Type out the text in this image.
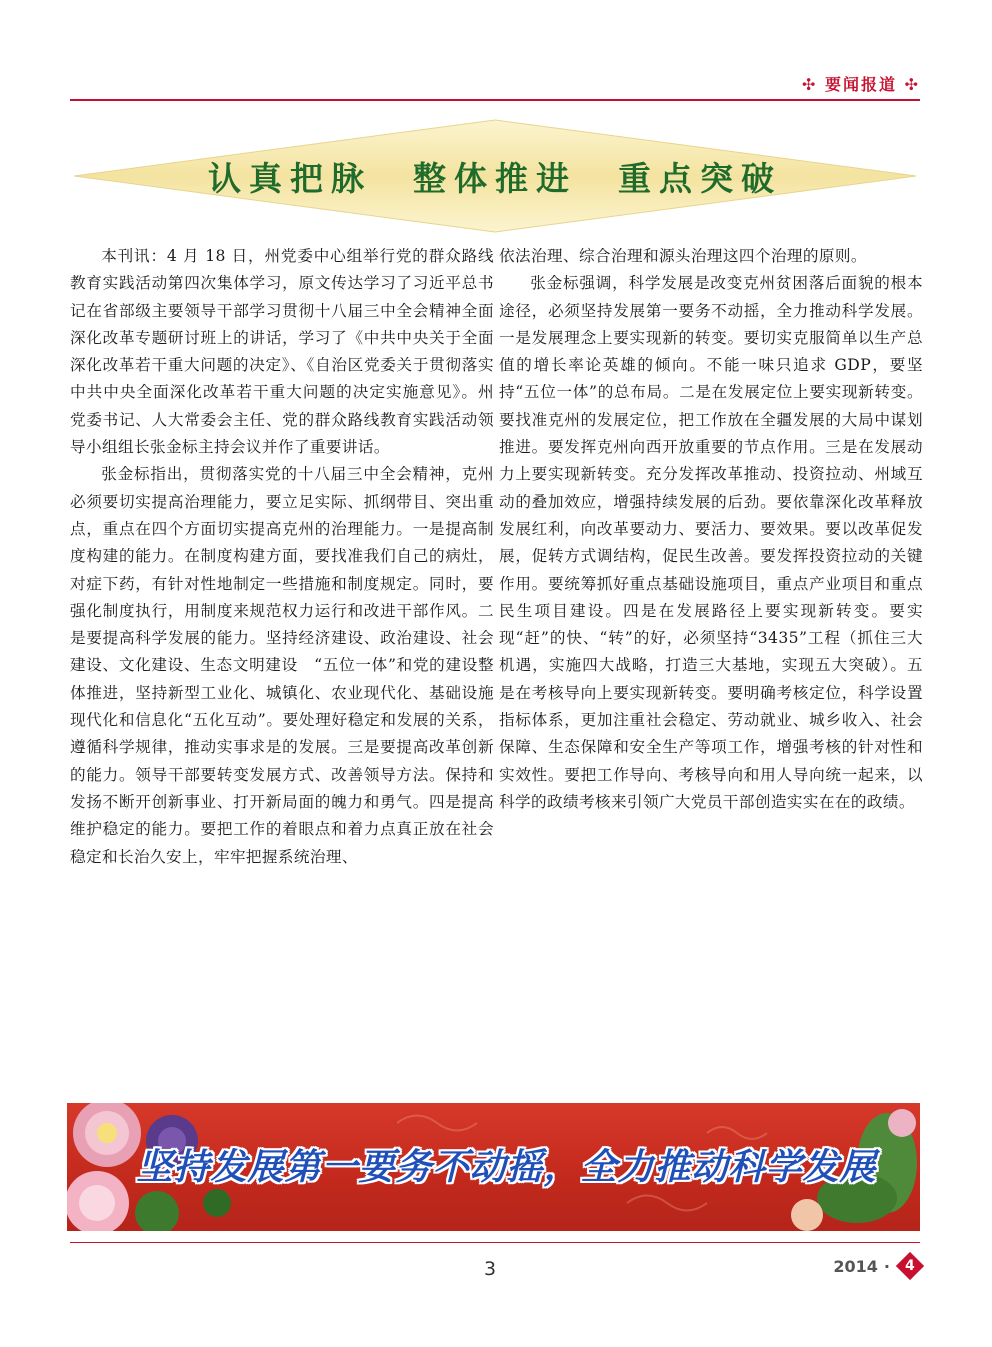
✣ 要闻报道 ✣
认真把脉　整体推进　重点突破

本刊讯：4 月 18 日，州党委中心组举行党的群众路线教育实践活动第四次集体学习，原文传达学习了习近平总书记在省部级主要领导干部学习贯彻十八届三中全会精神全面深化改革专题研讨班上的讲话，学习了《中共中央关于全面深化改革若干重大问题的决定》、《自治区党委关于贯彻落实中共中央全面深化改革若干重大问题的决定实施意见》。州党委书记、人大常委会主任、党的群众路线教育实践活动领导小组组长张金标主持会议并作了重要讲话。

张金标指出，贯彻落实党的十八届三中全会精神，克州必须要切实提高治理能力，要立足实际、抓纲带目、突出重点，重点在四个方面切实提高克州的治理能力。一是提高制度构建的能力。在制度构建方面，要找准我们自己的病灶，对症下药，有针对性地制定一些措施和制度规定。同时，要强化制度执行，用制度来规范权力运行和改进干部作风。二是要提高科学发展的能力。坚持经济建设、政治建设、社会建设、文化建设、生态文明建设　“五位一体”和党的建设整体推进，坚持新型工业化、城镇化、农业现代化、基础设施现代化和信息化“五化互动”。要处理好稳定和发展的关系，遵循科学规律，推动实事求是的发展。三是要提高改革创新的能力。领导干部要转变发展方式、改善领导方法。保持和发扬不断开创新事业、打开新局面的魄力和勇气。四是提高维护稳定的能力。要把工作的着眼点和着力点真正放在社会稳定和长治久安上，牢牢把握系统治理、

依法治理、综合治理和源头治理这四个治理的原则。

张金标强调，科学发展是改变克州贫困落后面貌的根本途径，必须坚持发展第一要务不动摇，全力推动科学发展。一是发展理念上要实现新的转变。要切实克服简单以生产总值的增长率论英雄的倾向。不能一味只追求 GDP，要坚持“五位一体”的总布局。二是在发展定位上要实现新转变。要找准克州的发展定位，把工作放在全疆发展的大局中谋划推进。要发挥克州向西开放重要的节点作用。三是在发展动力上要实现新转变。充分发挥改革推动、投资拉动、州域互动的叠加效应，增强持续发展的后劲。要依靠深化改革释放发展红利，向改革要动力、要活力、要效果。要以改革促发展，促转方式调结构，促民生改善。要发挥投资拉动的关键作用。要统筹抓好重点基础设施项目，重点产业项目和重点民生项目建设。四是在发展路径上要实现新转变。要实现“赶”的快、“转”的好，必须坚持“3435”工程（抓住三大机遇，实施四大战略，打造三大基地，实现五大突破）。五是在考核导向上要实现新转变。要明确考核定位，科学设置指标体系，更加注重社会稳定、劳动就业、城乡收入、社会保障、生态保障和安全生产等项工作，增强考核的针对性和实效性。要把工作导向、考核导向和用人导向统一起来，以科学的政绩考核来引领广大党员干部创造实实在在的政绩。

坚持发展第一要务不动摇，全力推动科学发展
3	2014 · 4
